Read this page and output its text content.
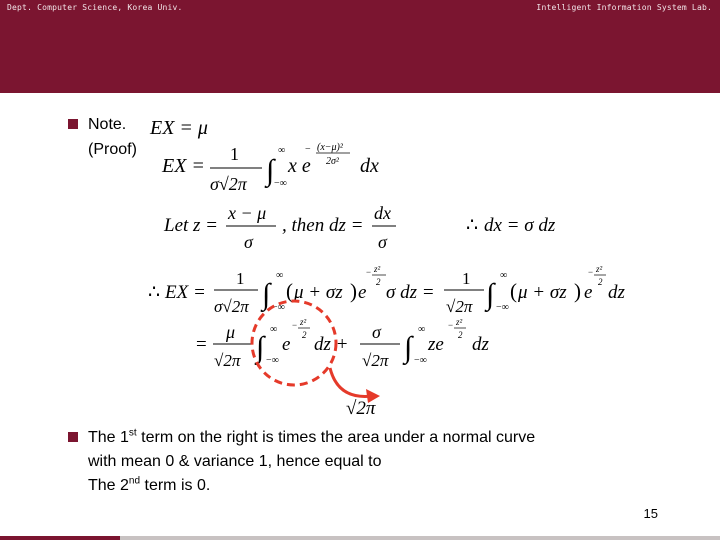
Dept. Computer Science, Korea Univ.	Intelligent Information System Lab.
Note.
(Proof)
EX = μ
EX =
1
σ√2π ∫
∞
−∞
x e
(x−μ)²
2σ²
−
dx
Let z =
x − μ
σ
, then dz =
dx
σ
∴ dx = σ dz
∴ EX =
1
σ√2π ∫
∞
−∞
( μ + σz ) e
z²
2
−
σ dz =
1
√2π ∫
∞
−∞
( μ + σz ) e
z²
2
−
dz
=
μ
√2π ∫
∞
−∞
e
z²
2
−
dz +
σ
√2π ∫
∞
−∞
ze
z²
2
−
dz
√2π
The 1st term on the right is times the area under a normal curve
with mean 0 & variance 1, hence equal to
The 2nd term is 0.
15
